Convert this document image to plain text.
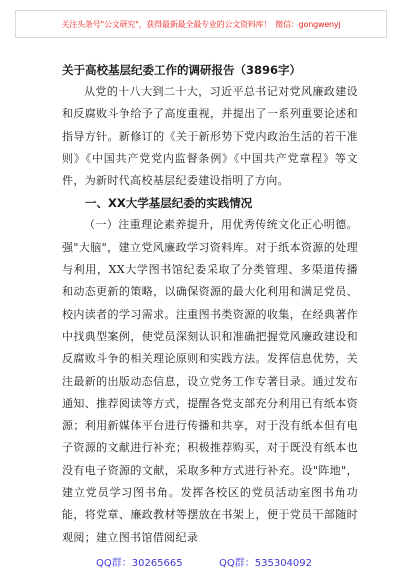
关注头条号"公文研究"，获得最新最全最专业的公文资料库！ 微信：gongwenyj

关于高校基层纪委工作的调研报告（3896字）

从党的十八大到二十大，习近平总书记对党风廉政建设和反腐败斗争给予了高度重视，并提出了一系列重要论述和指导方针。新修订的《关于新形势下党内政治生活的若干准则》《中国共产党党内监督条例》《中国共产党章程》等文件，为新时代高校基层纪委建设指明了方向。

一、XX大学基层纪委的实践情况

（一）注重理论素养提升，用优秀传统文化正心明德。强"大脑"，建立党风廉政学习资料库。对于纸本资源的处理与利用，XX大学图书馆纪委采取了分类管理、多渠道传播和动态更新的策略，以确保资源的最大化利用和满足党员、校内读者的学习需求。注重图书类资源的收集，在经典著作中找典型案例，使党员深刻认识和准确把握党风廉政建设和反腐败斗争的相关理论原则和实践方法。发挥信息优势，关注最新的出版动态信息，设立党务工作专著目录。通过发布通知、推荐阅读等方式，提醒各党支部充分利用已有纸本资源；利用新媒体平台进行传播和共享，对于没有纸本但有电子资源的文献进行补充；积极推荐购买，对于既没有纸本也没有电子资源的文献，采取多种方式进行补充。设"阵地"，建立党员学习图书角。发挥各校区的党员活动室图书角功能，将党章、廉政教材等摆放在书架上，便于党员干部随时观阅；建立图书馆借阅纪录

QQ群：30265665	QQ群：535304092
